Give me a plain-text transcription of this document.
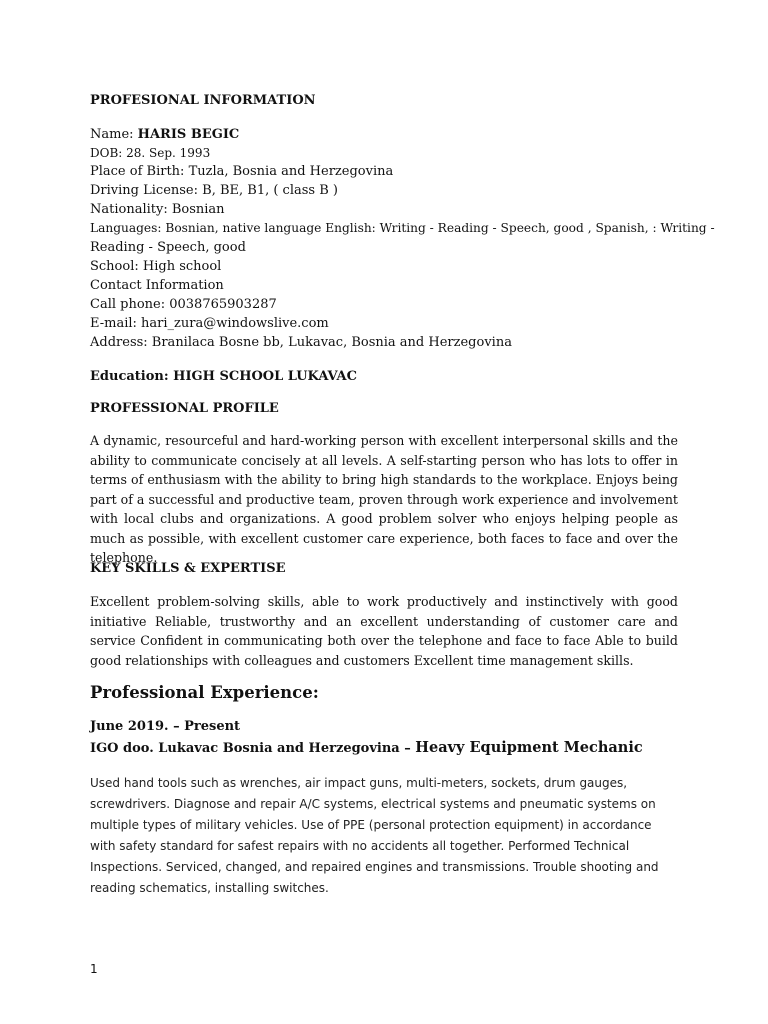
PROFESIONAL INFORMATION
Name: HARIS BEGIC
DOB: 28. Sep. 1993
Place of Birth: Tuzla, Bosnia and Herzegovina
Driving License: B, BE, B1, ( class B )
Nationality: Bosnian
Languages: Bosnian, native language English: Writing - Reading - Speech, good , Spanish, : Writing -
Reading - Speech, good
School: High school
Contact Information
Call phone: 0038765903287
E-mail: hari_zura@windowslive.com
Address: Branilaca Bosne bb, Lukavac, Bosnia and Herzegovina
Education: HIGH SCHOOL LUKAVAC
PROFESSIONAL PROFILE
A dynamic, resourceful and hard-working person with excellent interpersonal skills and the ability to communicate concisely at all levels. A self-starting person who has lots to offer in terms of enthusiasm with the ability to bring high standards to the workplace. Enjoys being part of a successful and productive team, proven through work experience and involvement with local clubs and organizations. A good problem solver who enjoys helping people as much as possible, with excellent customer care experience, both faces to face and over the telephone.
KEY SKILLS & EXPERTISE
Excellent problem-solving skills, able to work productively and instinctively with good initiative Reliable, trustworthy and an excellent understanding of customer care and service Confident in communicating both over the telephone and face to face Able to build good relationships with colleagues and customers Excellent time management skills.
Professional Experience:
June 2019. – Present
IGO doo. Lukavac Bosnia and Herzegovina – Heavy Equipment Mechanic
Used hand tools such as wrenches, air impact guns, multi-meters, sockets, drum gauges, screwdrivers. Diagnose and repair A/C systems, electrical systems and pneumatic systems on multiple types of military vehicles. Use of PPE (personal protection equipment) in accordance with safety standard for safest repairs with no accidents all together. Performed Technical Inspections. Serviced, changed, and repaired engines and transmissions. Trouble shooting and reading schematics, installing switches.
1
